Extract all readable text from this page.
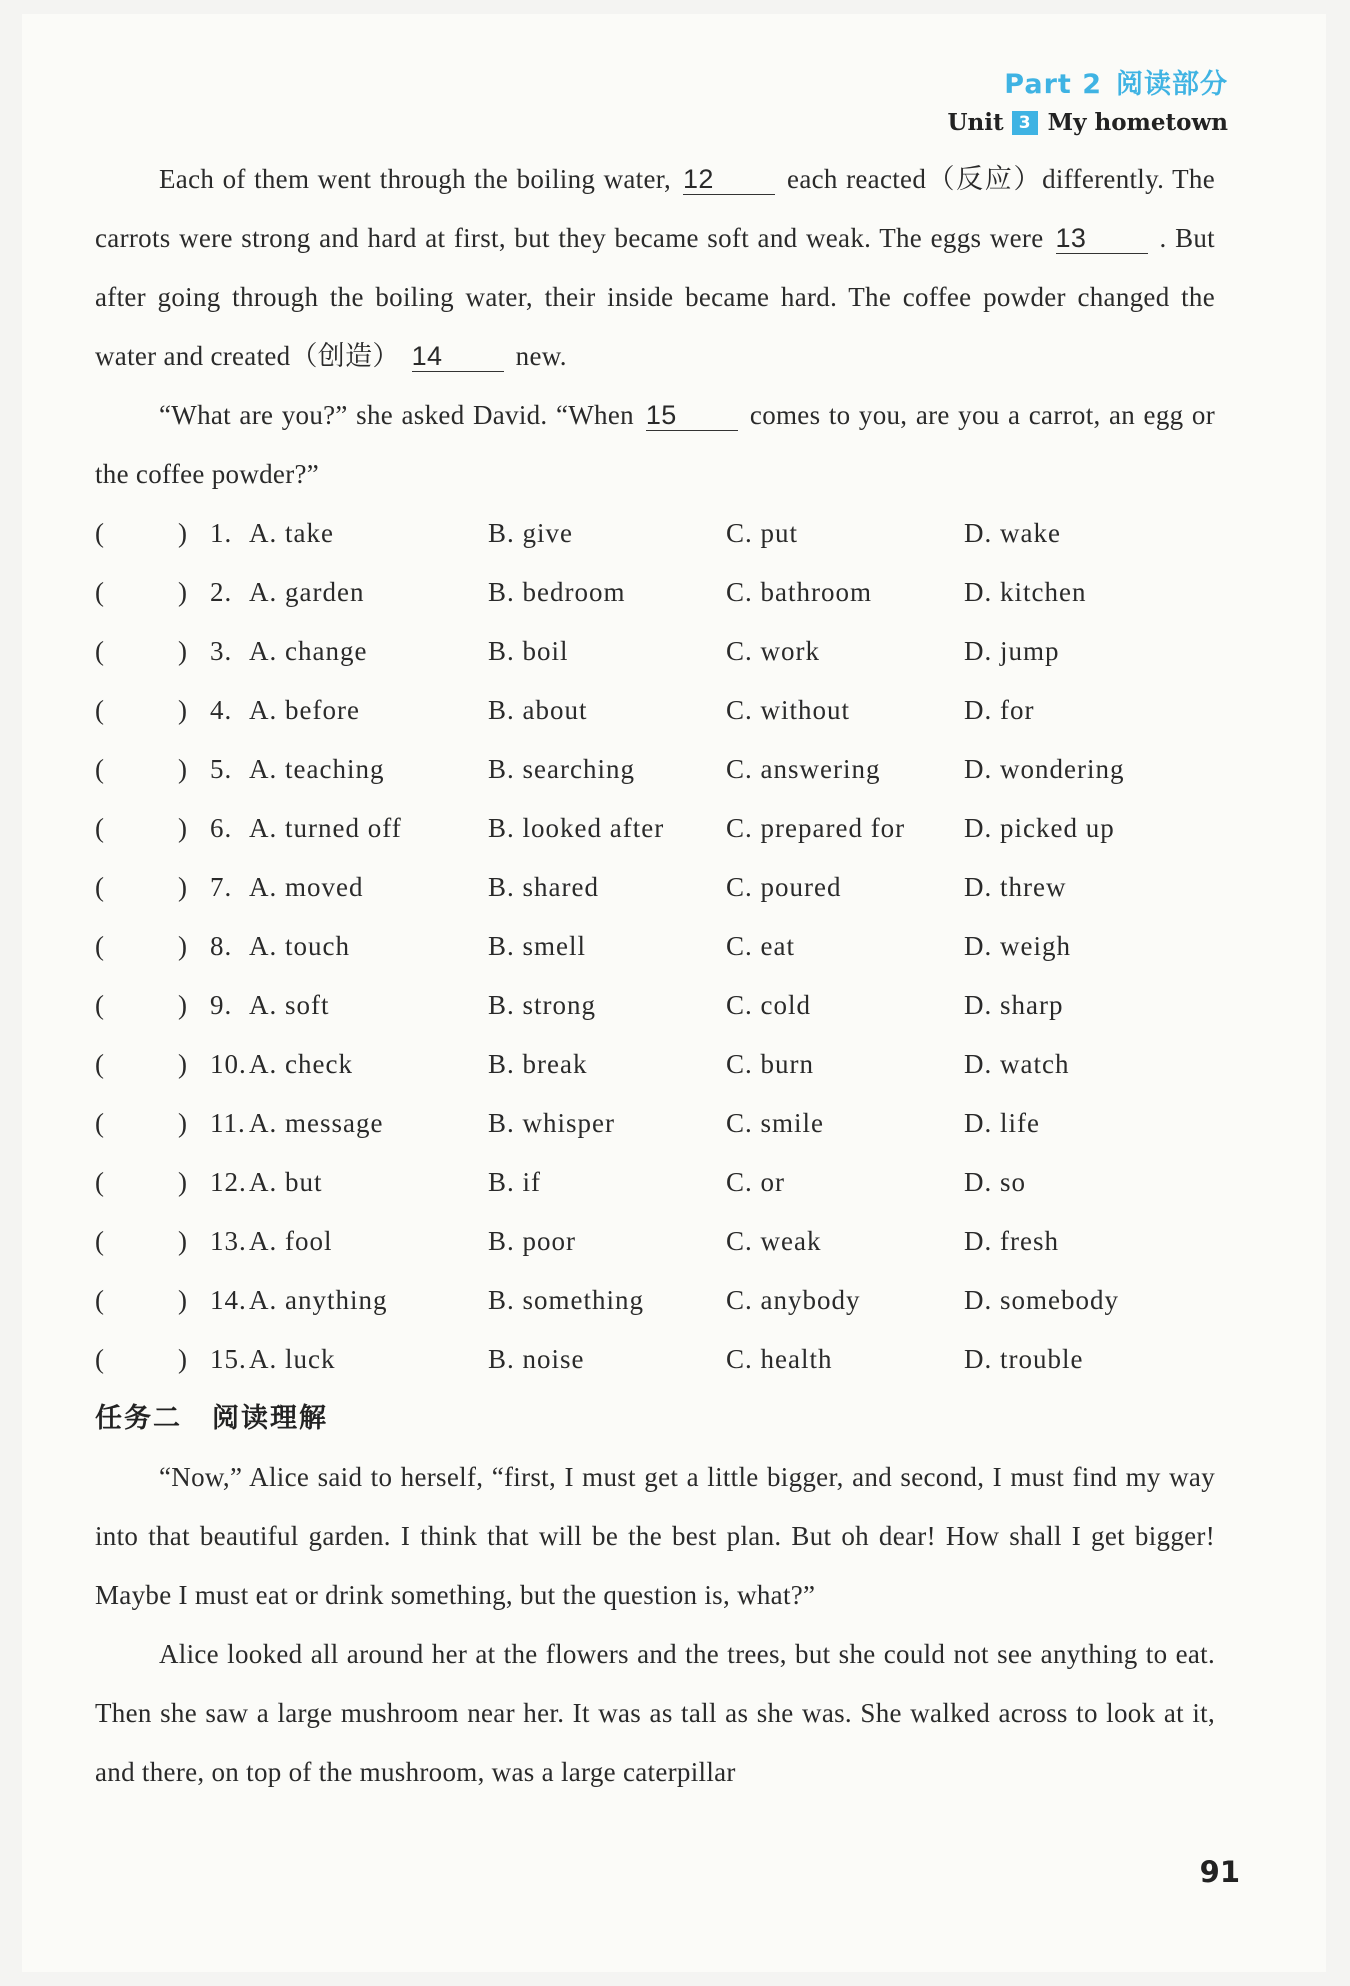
Part 2 阅读部分
Unit 3 My hometown

Each of them went through the boiling water, 12	each reacted（反应）differently. The carrots were strong and hard at first, but they became soft and weak. The eggs were 13	. But after going through the boiling water, their inside became hard. The coffee powder changed the water and created（创造） 14	new.

“What are you?” she asked David. “When 15	comes to you, are you a carrot, an egg or the coffee powder?”

(	) 1. A. take	B. give	C. put	D. wake
(	) 2. A. garden	B. bedroom	C. bathroom	D. kitchen
(	) 3. A. change	B. boil	C. work	D. jump
(	) 4. A. before	B. about	C. without	D. for
(	) 5. A. teaching	B. searching	C. answering	D. wondering
(	) 6. A. turned off	B. looked after C. prepared for D. picked up
(	) 7. A. moved	B. shared	C. poured	D. threw
(	) 8. A. touch	B. smell	C. eat	D. weigh
(	) 9. A. soft	B. strong	C. cold	D. sharp
(	) 10. A. check	B. break	C. burn	D. watch
(	) 11. A. message	B. whisper	C. smile	D. life
(	) 12. A. but	B. if	C. or	D. so
(	) 13. A. fool	B. poor	C. weak	D. fresh
(	) 14. A. anything	B. something	C. anybody	D. somebody
(	) 15. A. luck	B. noise	C. health	D. trouble
任务二 阅读理解

“Now,” Alice said to herself, “first, I must get a little bigger, and second, I must find my way into that beautiful garden. I think that will be the best plan. But oh dear! How shall I get bigger! Maybe I must eat or drink something, but the question is, what?”

Alice looked all around her at the flowers and the trees, but she could not see anything to eat. Then she saw a large mushroom near her. It was as tall as she was. She walked across to look at it, and there, on top of the mushroom, was a large caterpillar

91
